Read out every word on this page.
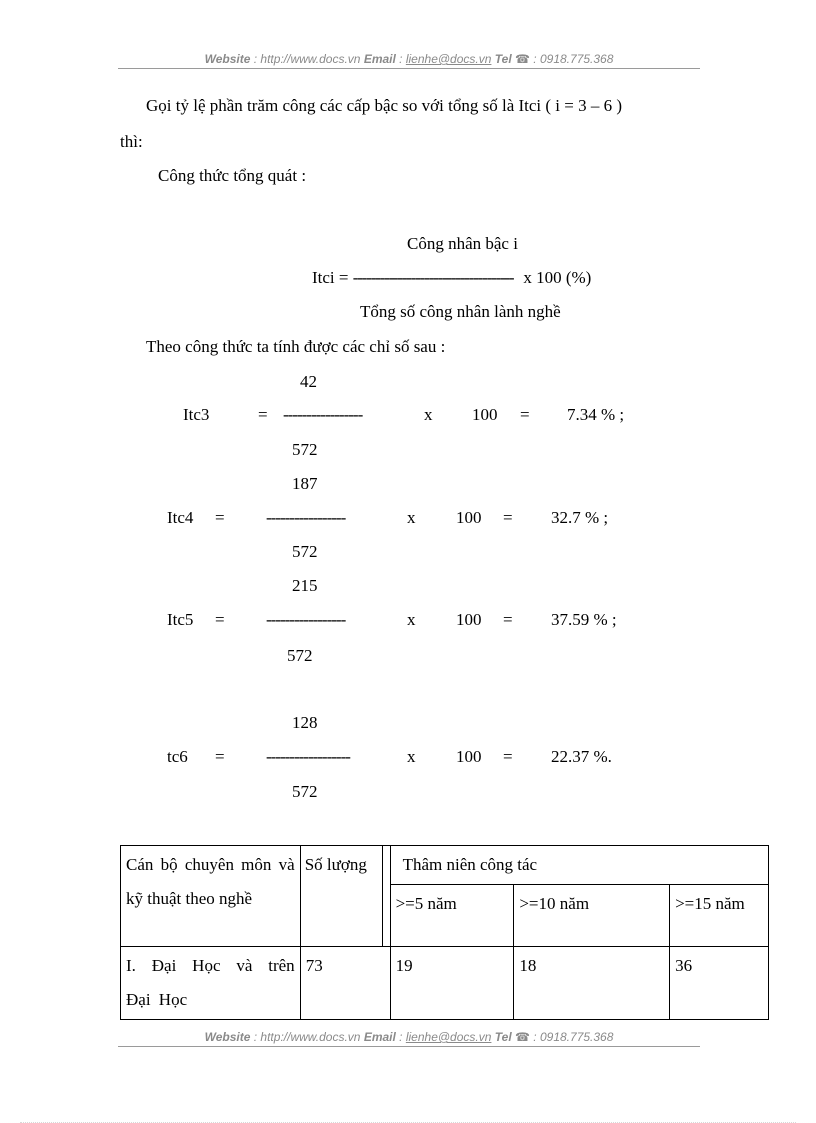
Website : http://www.docs.vn Email : lienhe@docs.vn Tel ☎ : 0918.775.368
Gọi tỷ lệ phần trăm công các cấp bậc so với tổng số là Itci ( i = 3 – 6 )
thì:
Công thức tổng quát :
Công nhân bậc i
Itci = ------------------------------------ x 100 (%)
Tổng số công nhân lành nghề
Theo công thức ta tính được các chỉ số sau :
42
Itc3	= -----------------	x 100 = 7.34 % ;
572
187
Itc4 = -----------------	x 100 = 32.7 % ;
572
215
Itc5 = -----------------	x 100 = 37.59 % ;
572
128
tc6 = ------------------	x 100 = 22.37 %.
572
Cán bộ chuyên môn và kỹ thuật theo nghề	Số lượng		Thâm niên công tác		
			>=5 năm	>=10 năm	>=15 năm
I. Đại Học và trên Đại Học	73		19	18	36
Website : http://www.docs.vn Email : lienhe@docs.vn Tel ☎ : 0918.775.368
